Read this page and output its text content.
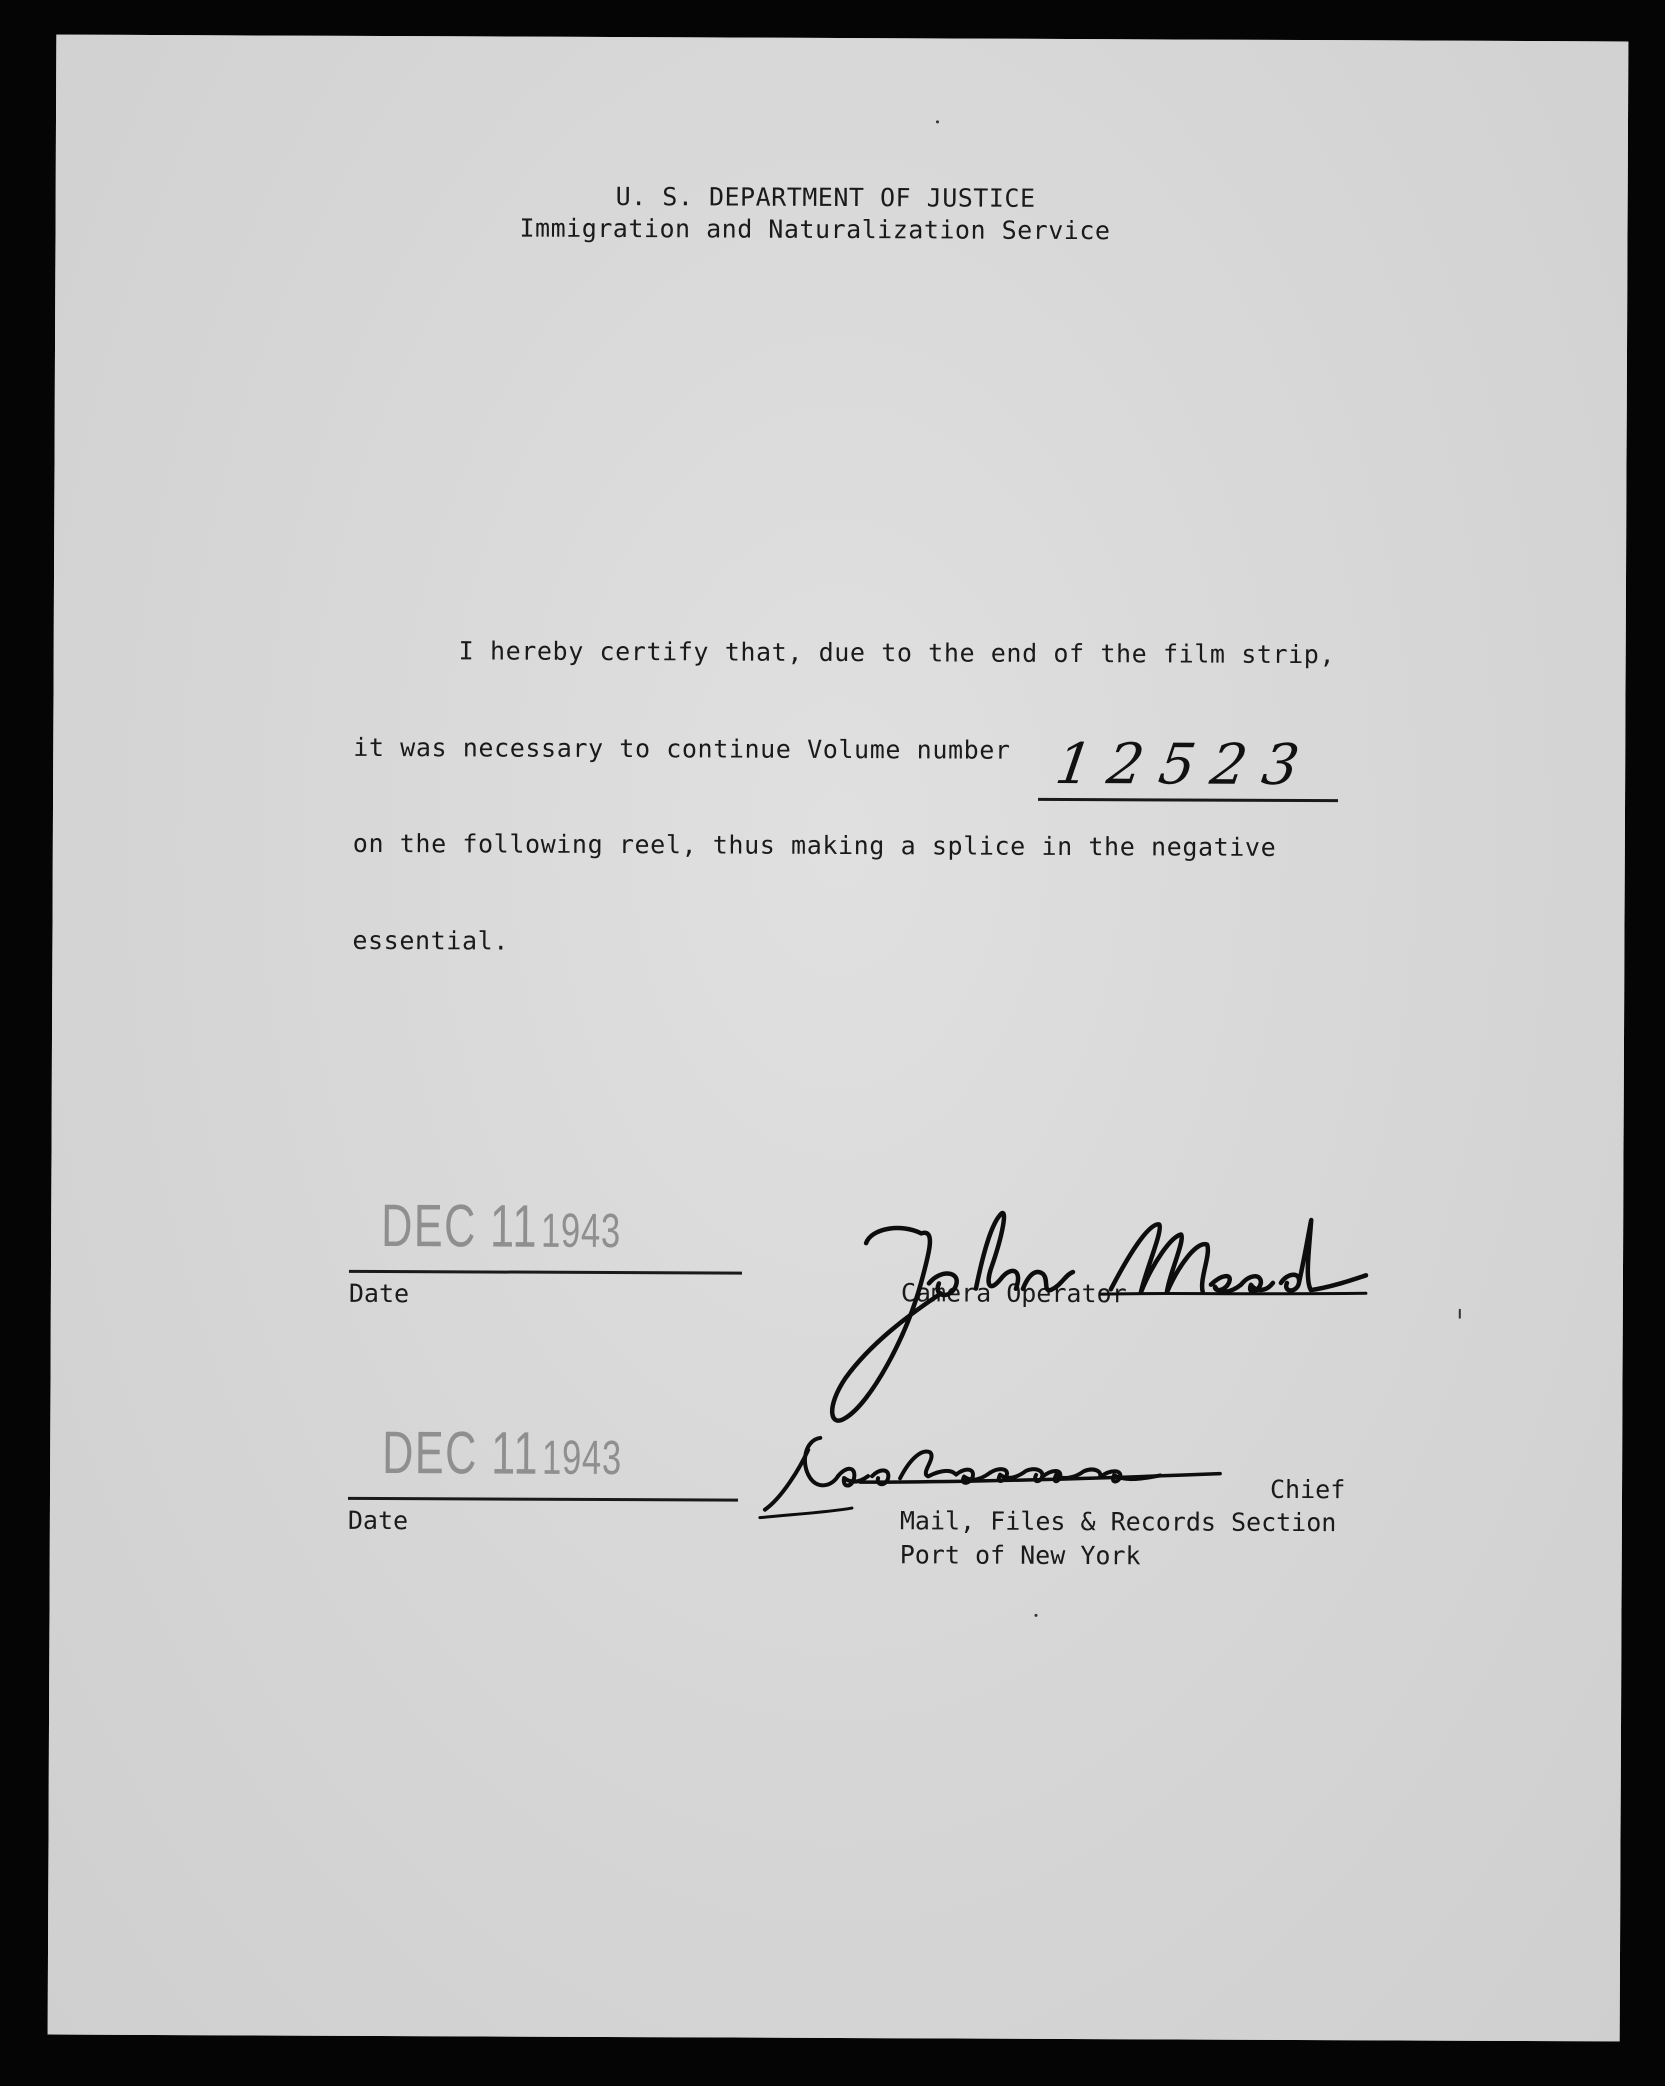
U. S. DEPARTMENT OF JUSTICE
Immigration and Naturalization Service
I hereby certify that, due to the end of the film strip,
it was necessary to continue Volume number 12523
on the following reel, thus making a splice in the negative
essential.
DEC 11 1943
Date	Camera Operator
DEC 11 1943
Date
Chief
Mail, Files & Records Section
Port of New York
